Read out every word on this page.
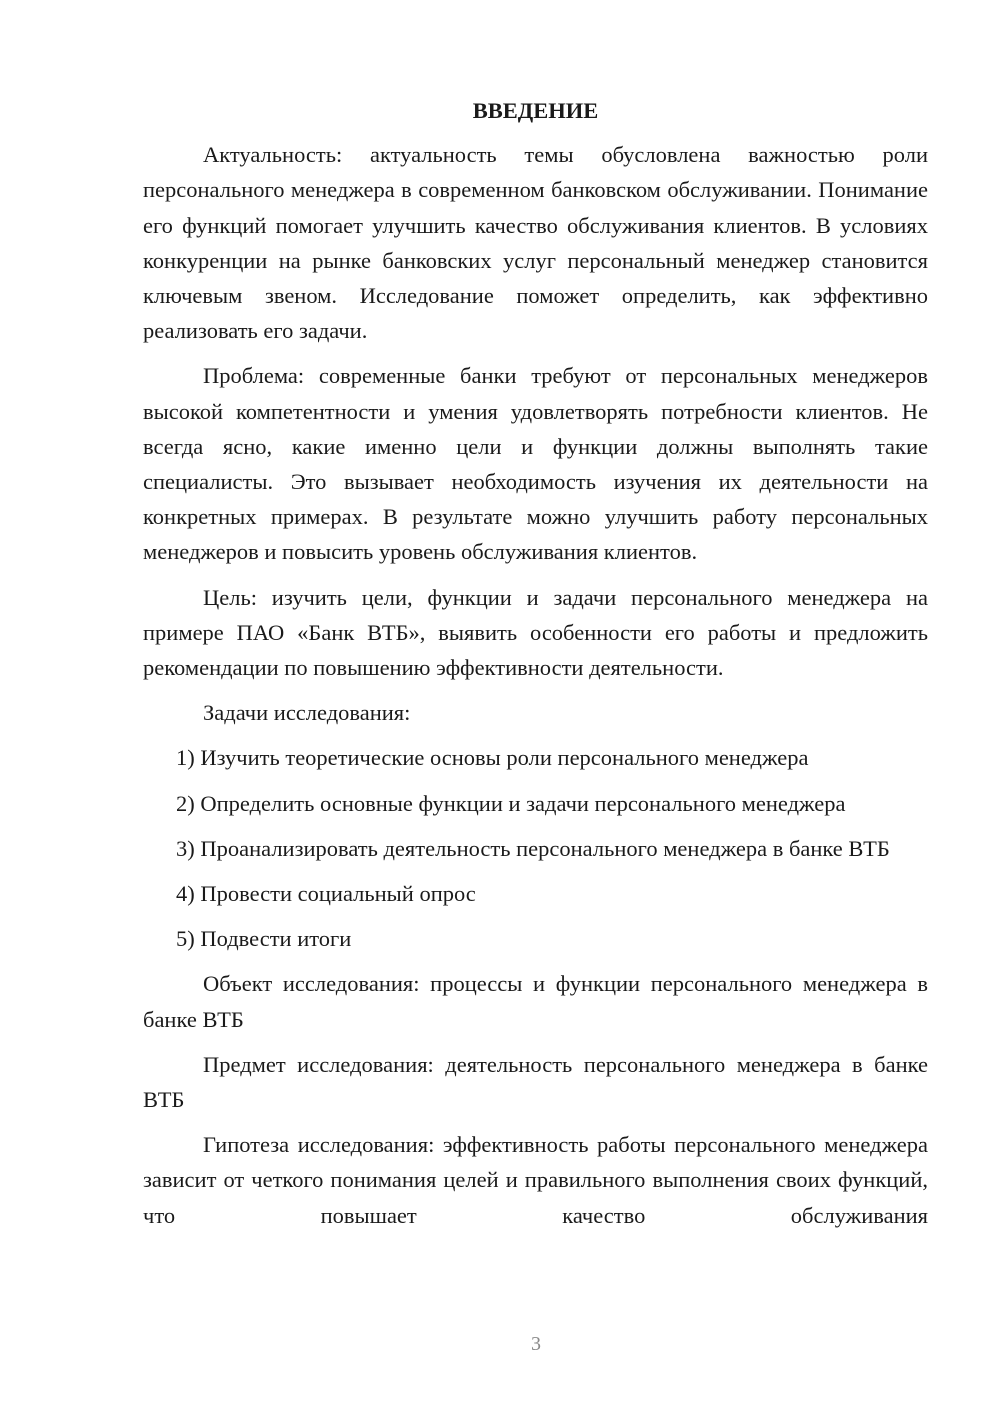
ВВЕДЕНИЕ

Актуальность: актуальность темы обусловлена важностью роли персонального менеджера в современном банковском обслуживании. Понимание его функций помогает улучшить качество обслуживания клиентов. В условиях конкуренции на рынке банковских услуг персональный менеджер становится ключевым звеном. Исследование поможет определить, как эффективно реализовать его задачи.

Проблема: современные банки требуют от персональных менеджеров высокой компетентности и умения удовлетворять потребности клиентов. Не всегда ясно, какие именно цели и функции должны выполнять такие специалисты. Это вызывает необходимость изучения их деятельности на конкретных примерах. В результате можно улучшить работу персональных менеджеров и повысить уровень обслуживания клиентов.

Цель: изучить цели, функции и задачи персонального менеджера на примере ПАО «Банк ВТБ», выявить особенности его работы и предложить рекомендации по повышению эффективности деятельности.

Задачи исследования:

1) Изучить теоретические основы роли персонального менеджера

2) Определить основные функции и задачи персонального менеджера

3) Проанализировать деятельность персонального менеджера в банке ВТБ

4) Провести социальный опрос

5) Подвести итоги

Объект исследования: процессы и функции персонального менеджера в банке ВТБ

Предмет исследования: деятельность персонального менеджера в банке ВТБ

Гипотеза исследования: эффективность работы персонального менеджера зависит от четкого понимания целей и правильного выполнения своих функций, что повышает качество обслуживания

3
